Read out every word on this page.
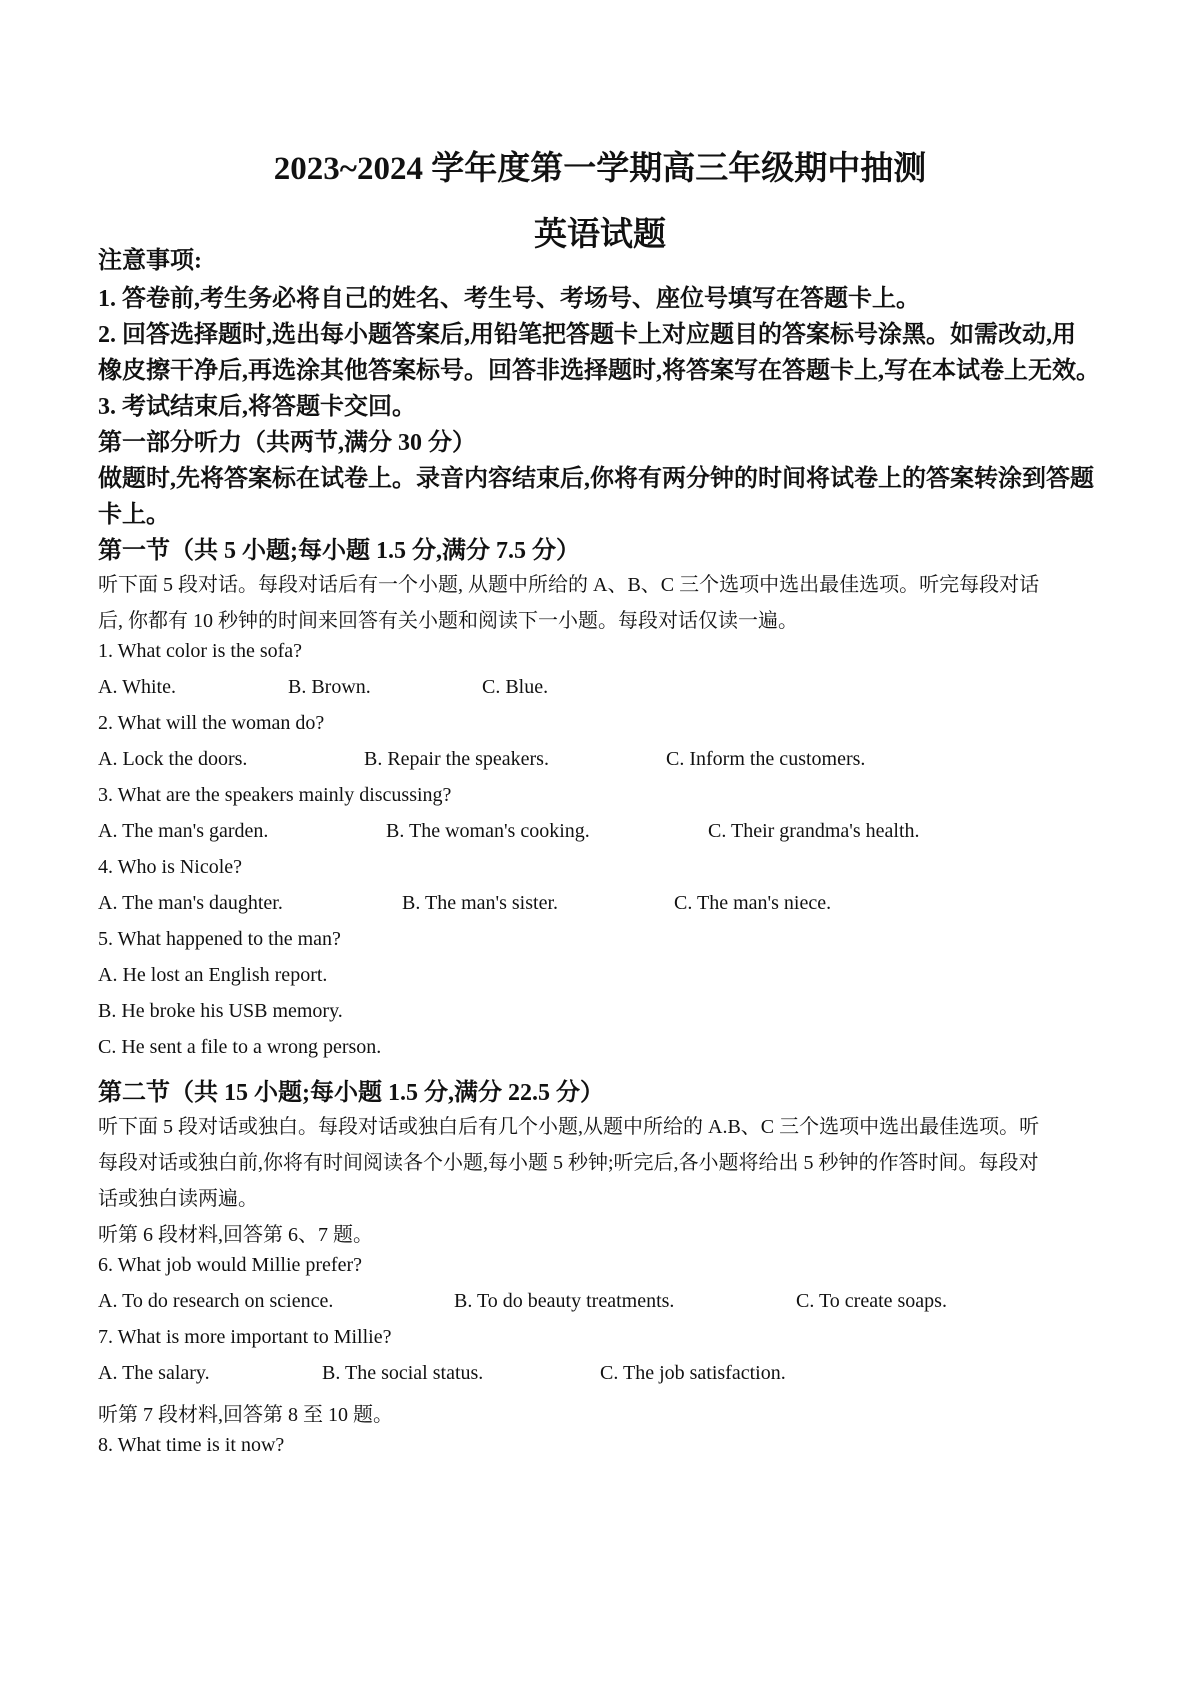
2023~2024 学年度第一学期高三年级期中抽测
英语试题
注意事项:
1. 答卷前,考生务必将自己的姓名、考生号、考场号、座位号填写在答题卡上。
2. 回答选择题时,选出每小题答案后,用铅笔把答题卡上对应题目的答案标号涂黑。如需改动,用
橡皮擦干净后,再选涂其他答案标号。回答非选择题时,将答案写在答题卡上,写在本试卷上无效。
3. 考试结束后,将答题卡交回。
第一部分听力（共两节,满分 30 分）
做题时,先将答案标在试卷上。录音内容结束后,你将有两分钟的时间将试卷上的答案转涂到答题
卡上。
第一节（共 5 小题;每小题 1.5 分,满分 7.5 分）
听下面 5 段对话。每段对话后有一个小题, 从题中所给的 A、B、C 三个选项中选出最佳选项。听完每段对话
后, 你都有 10 秒钟的时间来回答有关小题和阅读下一小题。每段对话仅读一遍。
1. What color is the sofa?
A. White.	B. Brown.	C. Blue.
2. What will the woman do?
A. Lock the doors.	B. Repair the speakers.	C. Inform the customers.
3. What are the speakers mainly discussing?
A. The man's garden.	B. The woman's cooking.	C. Their grandma's health.
4. Who is Nicole?
A. The man's daughter.	B. The man's sister.	C. The man's niece.
5. What happened to the man?
A. He lost an English report.
B. He broke his USB memory.
C. He sent a file to a wrong person.
第二节（共 15 小题;每小题 1.5 分,满分 22.5 分）
听下面 5 段对话或独白。每段对话或独白后有几个小题,从题中所给的 A.B、C 三个选项中选出最佳选项。听
每段对话或独白前,你将有时间阅读各个小题,每小题 5 秒钟;听完后,各小题将给出 5 秒钟的作答时间。每段对
话或独白读两遍。
听第 6 段材料,回答第 6、7 题。
6. What job would Millie prefer?
A. To do research on science.	B. To do beauty treatments.	C. To create soaps.
7. What is more important to Millie?
A. The salary.	B. The social status.	C. The job satisfaction.
听第 7 段材料,回答第 8 至 10 题。
8. What time is it now?
